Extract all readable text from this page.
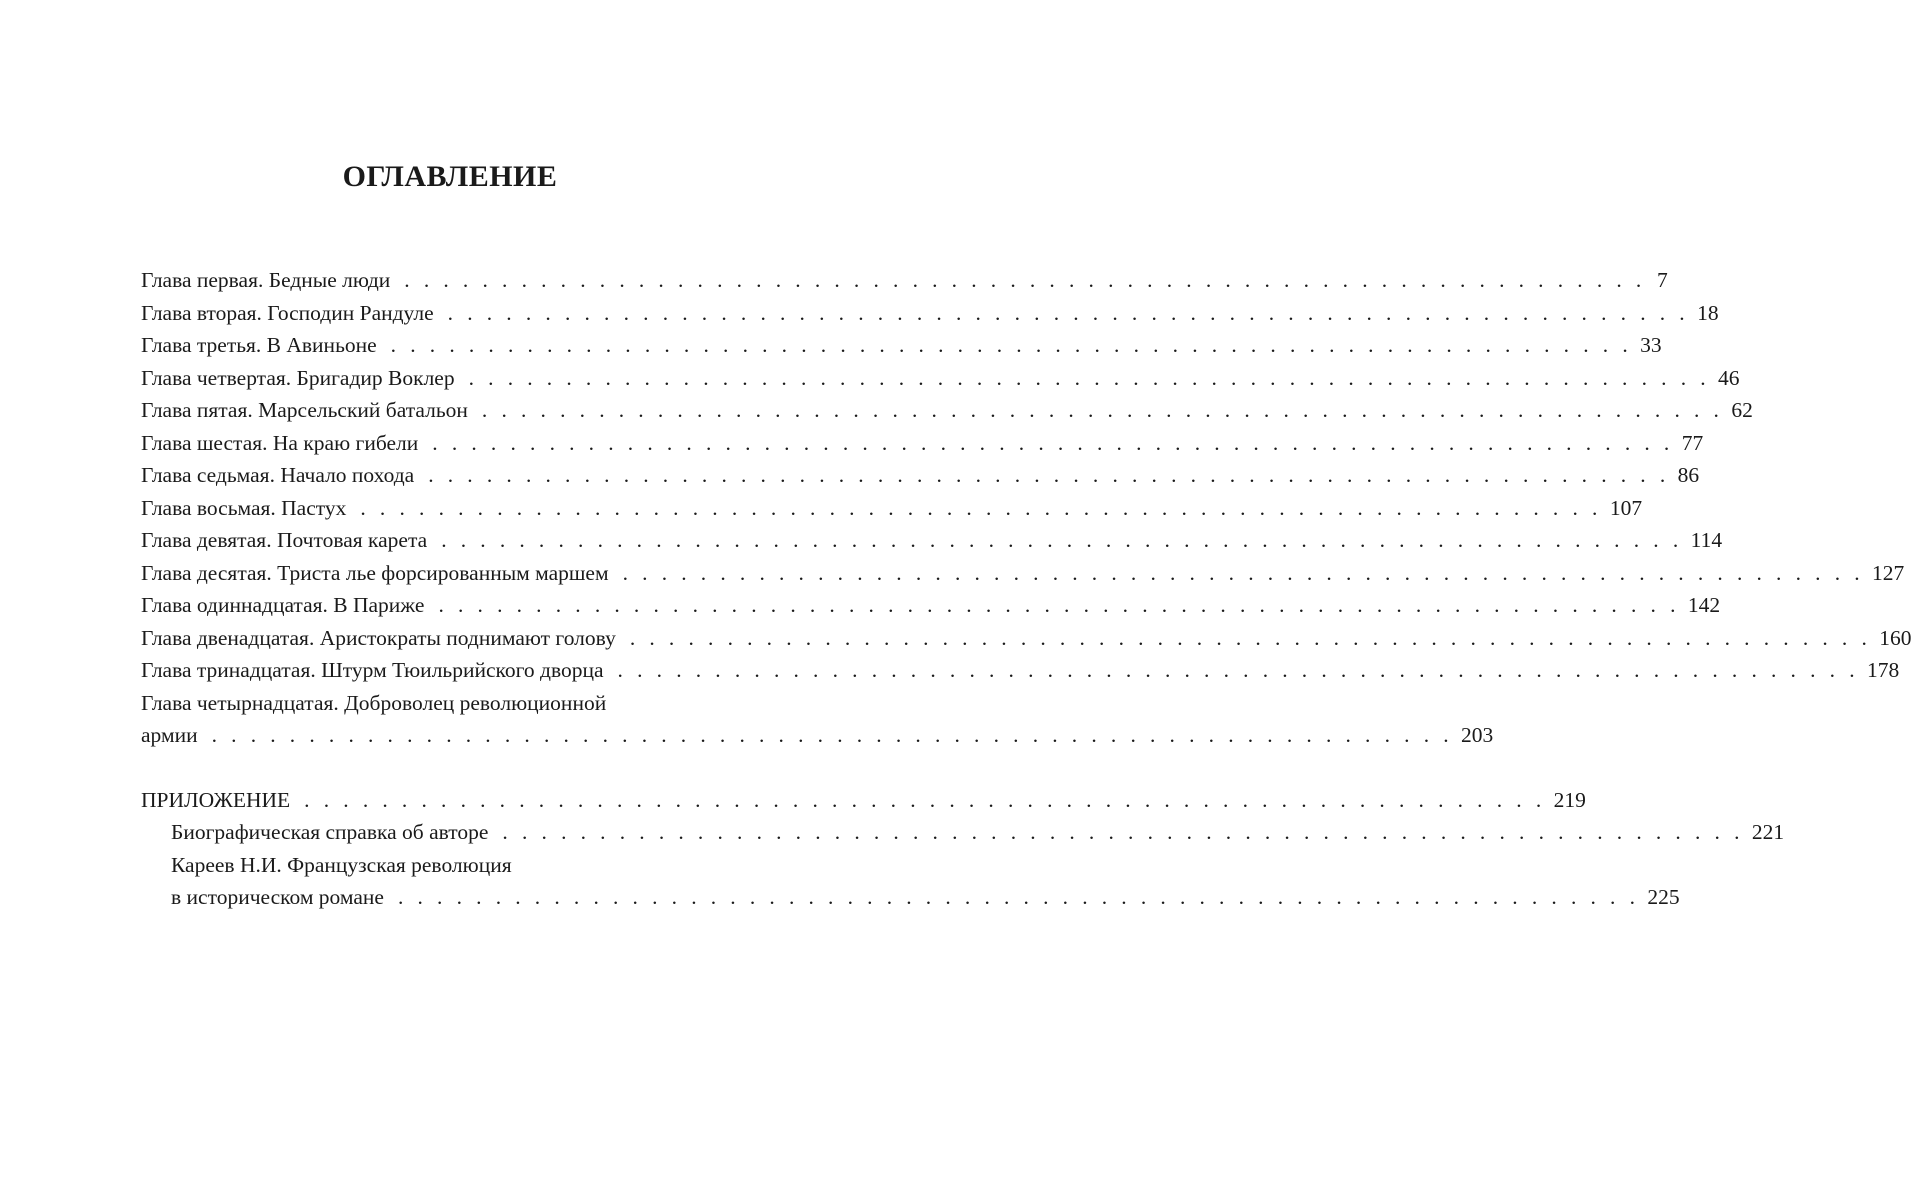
ОГЛАВЛЕНИЕ
Глава первая. Бедные люди . . . . . . . . . . . . . . . . . . . . . . . . . . . . . . . . . . . . . . . . . . . . . . . . . . . . . . . . . . . . . . . . 7
Глава вторая. Господин Рандуле . . . . . . . . . . . . . . . . . . . . . . . . . . . . . . . . . . . . . . . . . . . . . . . . . . . . . . . . . . . . . . . . 18
Глава третья. В Авиньоне . . . . . . . . . . . . . . . . . . . . . . . . . . . . . . . . . . . . . . . . . . . . . . . . . . . . . . . . . . . . . . . . 33
Глава четвертая. Бригадир Воклер . . . . . . . . . . . . . . . . . . . . . . . . . . . . . . . . . . . . . . . . . . . . . . . . . . . . . . . . . . . . . . . . 46
Глава пятая. Марсельский батальон . . . . . . . . . . . . . . . . . . . . . . . . . . . . . . . . . . . . . . . . . . . . . . . . . . . . . . . . . . . . . . . . 62
Глава шестая. На краю гибели . . . . . . . . . . . . . . . . . . . . . . . . . . . . . . . . . . . . . . . . . . . . . . . . . . . . . . . . . . . . . . . . 77
Глава седьмая. Начало похода . . . . . . . . . . . . . . . . . . . . . . . . . . . . . . . . . . . . . . . . . . . . . . . . . . . . . . . . . . . . . . . . 86
Глава восьмая. Пастух . . . . . . . . . . . . . . . . . . . . . . . . . . . . . . . . . . . . . . . . . . . . . . . . . . . . . . . . . . . . . . . . 107
Глава девятая. Почтовая карета . . . . . . . . . . . . . . . . . . . . . . . . . . . . . . . . . . . . . . . . . . . . . . . . . . . . . . . . . . . . . . . . 114
Глава десятая. Триста лье форсированным маршем . . . . . . . . . . . . . . . . . . . . . . . . . . . . . . . . . . . . . . . . . . . . . . . . . . . . . . . . . . . . . . . . 127
Глава одиннадцатая. В Париже . . . . . . . . . . . . . . . . . . . . . . . . . . . . . . . . . . . . . . . . . . . . . . . . . . . . . . . . . . . . . . . . 142
Глава двенадцатая. Аристократы поднимают голову . . . . . . . . . . . . . . . . . . . . . . . . . . . . . . . . . . . . . . . . . . . . . . . . . . . . . . . . . . . . . . . . 160
Глава тринадцатая. Штурм Тюильрийского дворца . . . . . . . . . . . . . . . . . . . . . . . . . . . . . . . . . . . . . . . . . . . . . . . . . . . . . . . . . . . . . . . . 178
Глава четырнадцатая. Доброволец революционной
армии . . . . . . . . . . . . . . . . . . . . . . . . . . . . . . . . . . . . . . . . . . . . . . . . . . . . . . . . . . . . . . . . 203
ПРИЛОЖЕНИЕ . . . . . . . . . . . . . . . . . . . . . . . . . . . . . . . . . . . . . . . . . . . . . . . . . . . . . . . . . . . . . . . . 219
Биографическая справка об авторе . . . . . . . . . . . . . . . . . . . . . . . . . . . . . . . . . . . . . . . . . . . . . . . . . . . . . . . . . . . . . . . . 221
Кареев Н.И. Французская революция
в историческом романе . . . . . . . . . . . . . . . . . . . . . . . . . . . . . . . . . . . . . . . . . . . . . . . . . . . . . . . . . . . . . . . . 225
